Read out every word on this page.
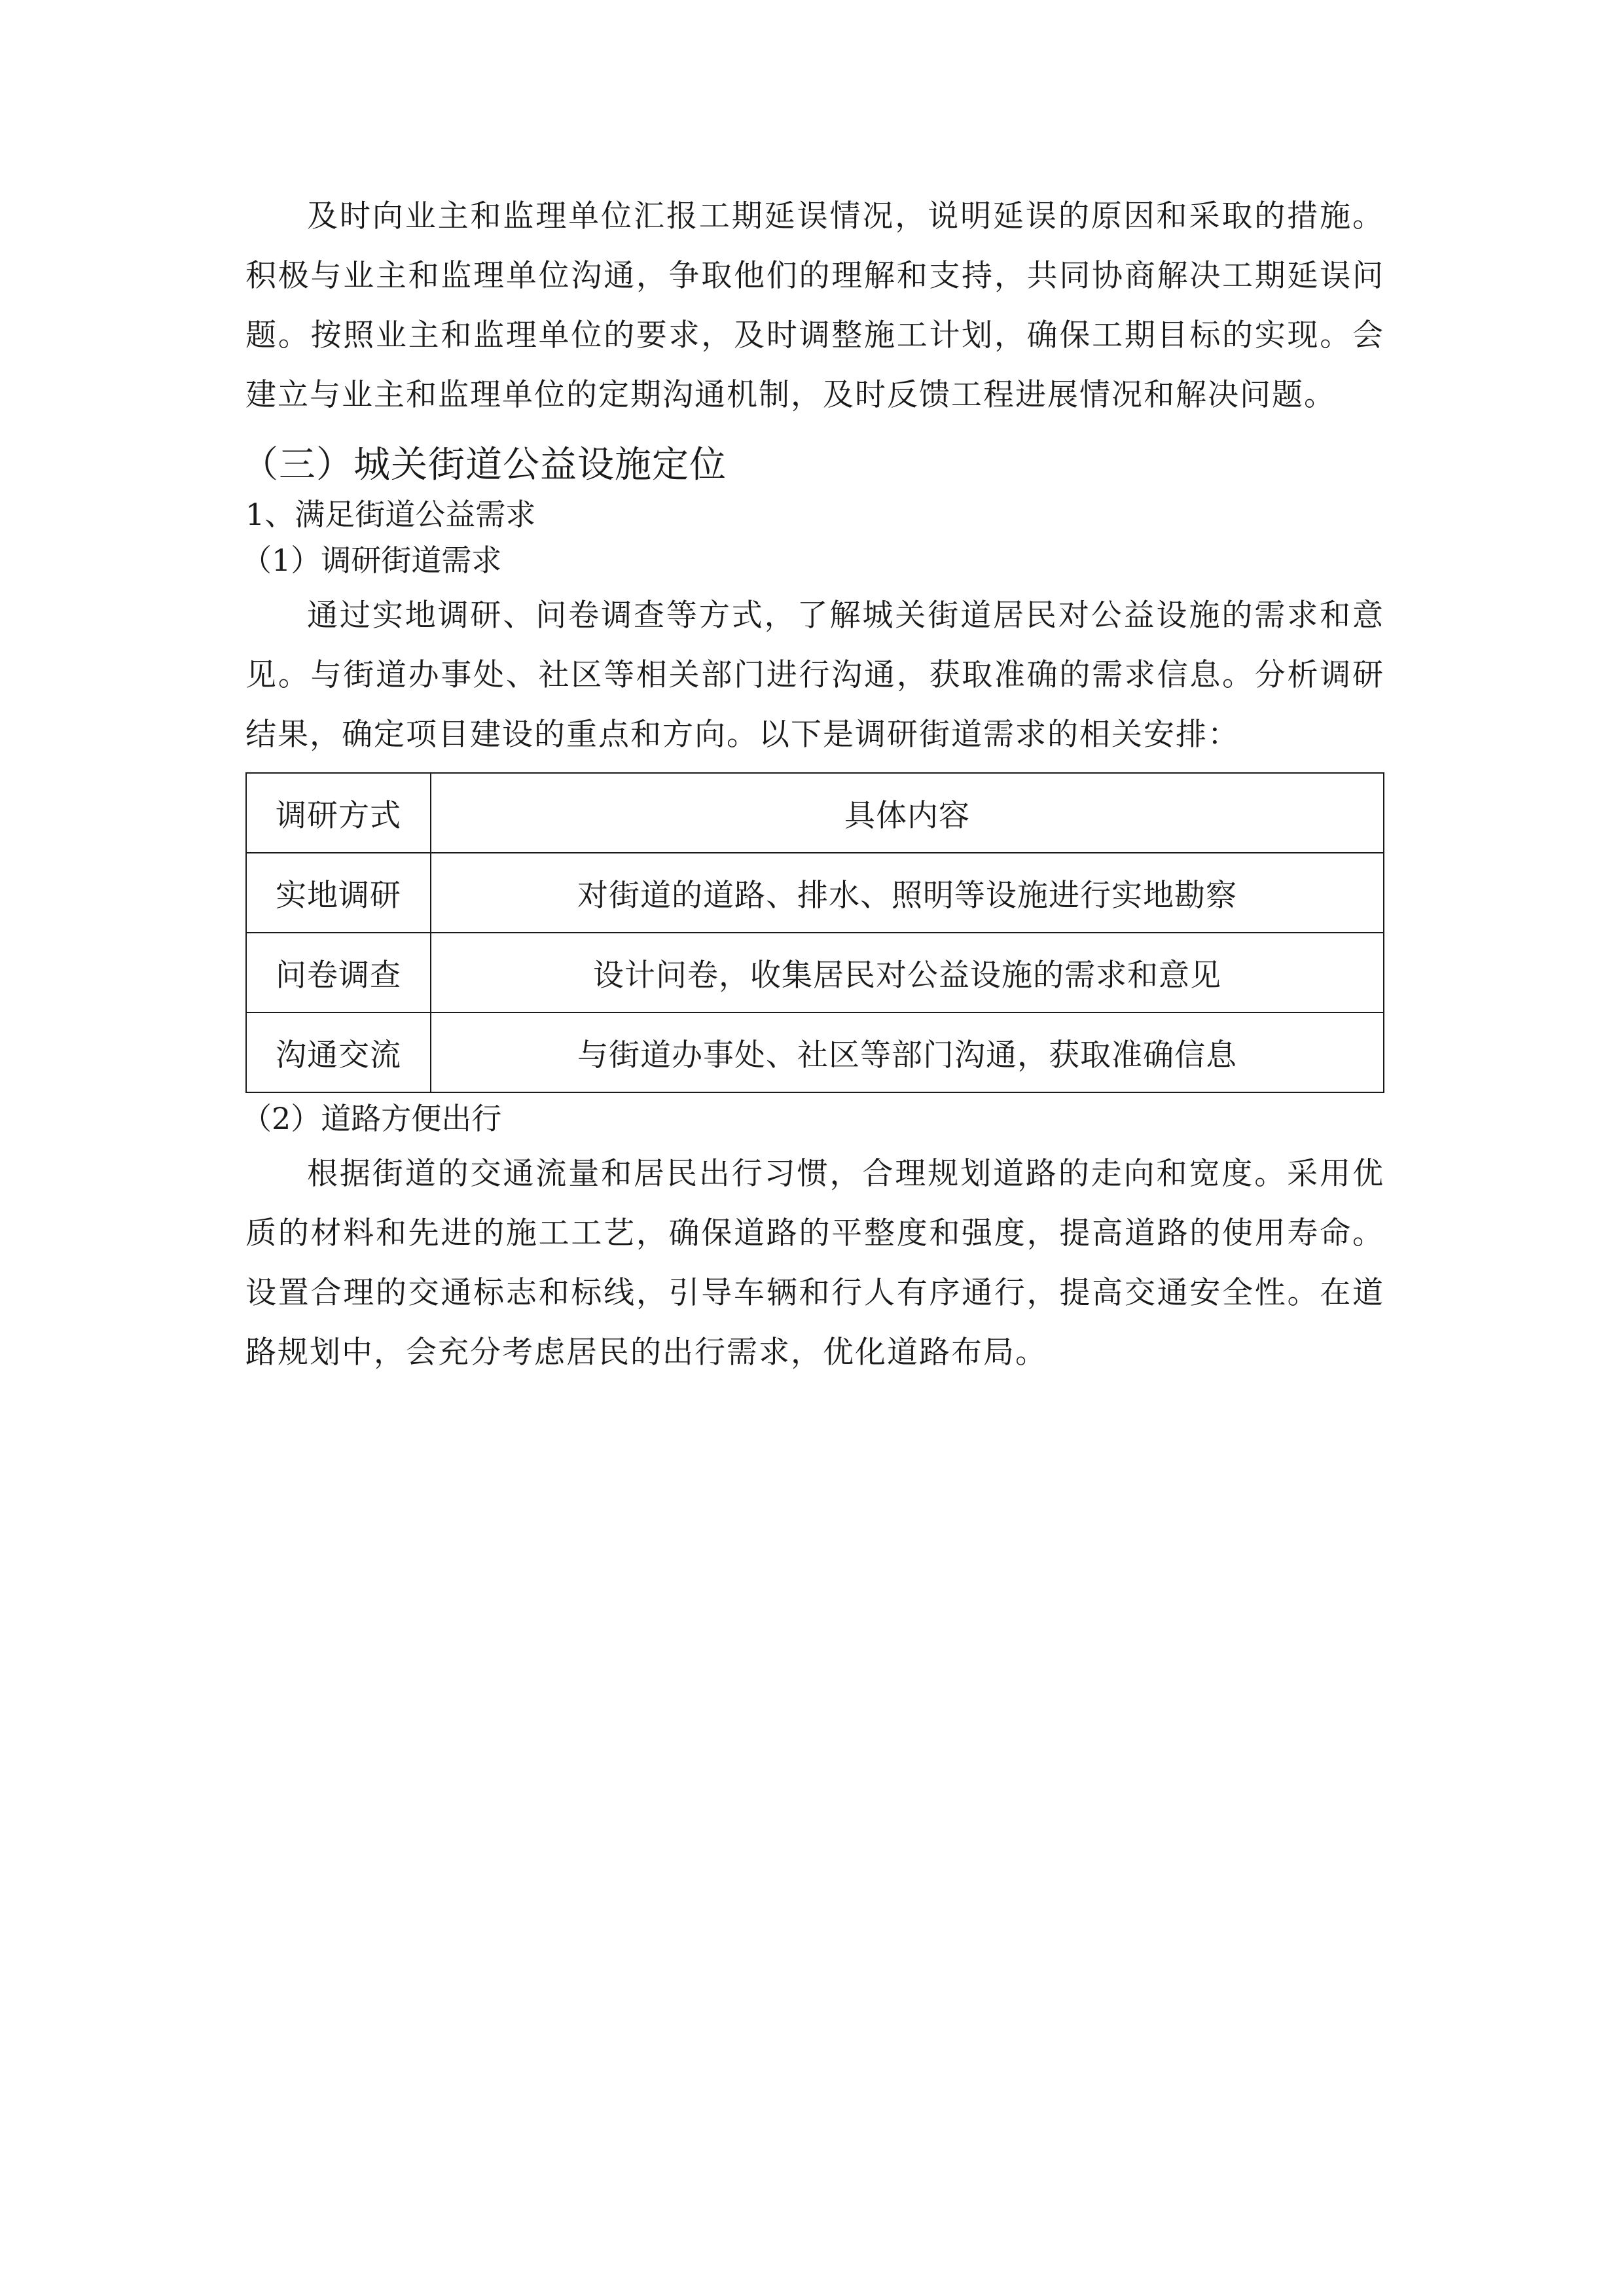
及时向业主和监理单位汇报工期延误情况，说明延误的原因和采取的措施。积极与业主和监理单位沟通，争取他们的理解和支持，共同协商解决工期延误问题。按照业主和监理单位的要求，及时调整施工计划，确保工期目标的实现。会建立与业主和监理单位的定期沟通机制，及时反馈工程进展情况和解决问题。

（三）城关街道公益设施定位
1、满足街道公益需求
（1）调研街道需求

通过实地调研、问卷调查等方式，了解城关街道居民对公益设施的需求和意见。与街道办事处、社区等相关部门进行沟通，获取准确的需求信息。分析调研结果，确定项目建设的重点和方向。以下是调研街道需求的相关安排：

调研方式	具体内容
实地调研	对街道的道路、排水、照明等设施进行实地勘察
问卷调查	设计问卷，收集居民对公益设施的需求和意见
沟通交流	与街道办事处、社区等部门沟通，获取准确信息
（2）道路方便出行

根据街道的交通流量和居民出行习惯，合理规划道路的走向和宽度。采用优质的材料和先进的施工工艺，确保道路的平整度和强度，提高道路的使用寿命。设置合理的交通标志和标线，引导车辆和行人有序通行，提高交通安全性。在道路规划中，会充分考虑居民的出行需求，优化道路布局。
